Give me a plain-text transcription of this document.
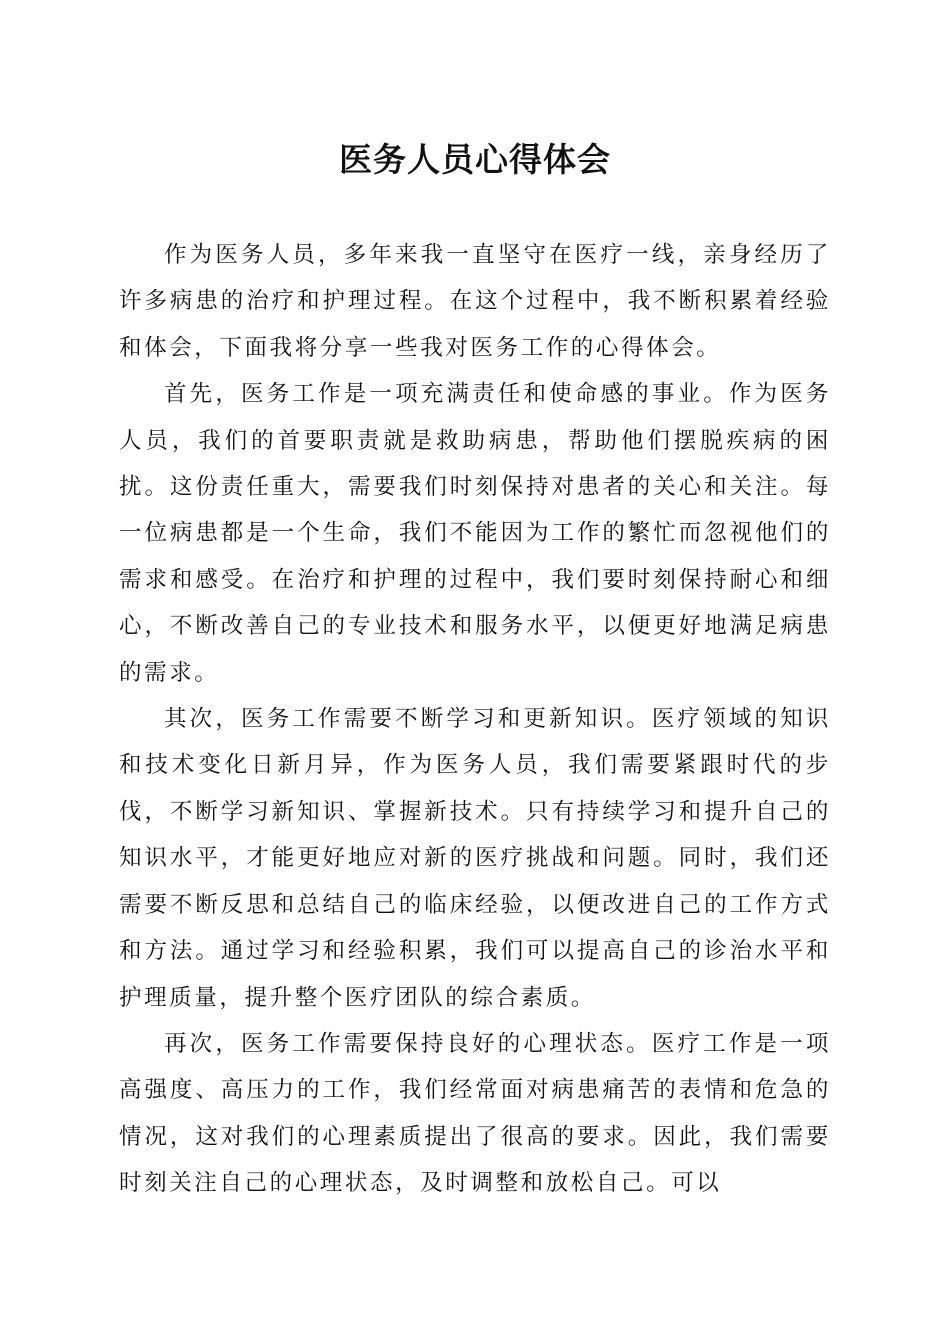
医务人员心得体会

作为医务人员，多年来我一直坚守在医疗一线，亲身经历了许多病患的治疗和护理过程。在这个过程中，我不断积累着经验和体会，下面我将分享一些我对医务工作的心得体会。

首先，医务工作是一项充满责任和使命感的事业。作为医务人员，我们的首要职责就是救助病患，帮助他们摆脱疾病的困扰。这份责任重大，需要我们时刻保持对患者的关心和关注。每一位病患都是一个生命，我们不能因为工作的繁忙而忽视他们的需求和感受。在治疗和护理的过程中，我们要时刻保持耐心和细心，不断改善自己的专业技术和服务水平，以便更好地满足病患的需求。

其次，医务工作需要不断学习和更新知识。医疗领域的知识和技术变化日新月异，作为医务人员，我们需要紧跟时代的步伐，不断学习新知识、掌握新技术。只有持续学习和提升自己的知识水平，才能更好地应对新的医疗挑战和问题。同时，我们还需要不断反思和总结自己的临床经验，以便改进自己的工作方式和方法。通过学习和经验积累，我们可以提高自己的诊治水平和护理质量，提升整个医疗团队的综合素质。

再次，医务工作需要保持良好的心理状态。医疗工作是一项高强度、高压力的工作，我们经常面对病患痛苦的表情和危急的情况，这对我们的心理素质提出了很高的要求。因此，我们需要时刻关注自己的心理状态，及时调整和放松自己。可以
